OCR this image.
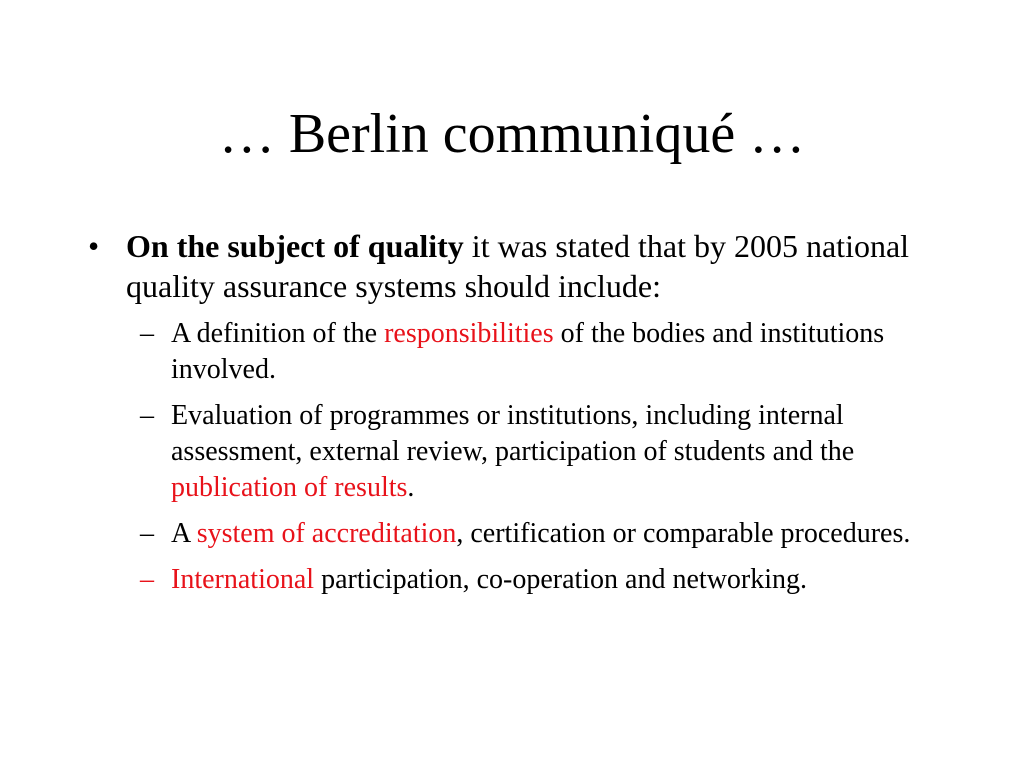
… Berlin communiqué …
• On the subject of quality it was stated that by 2005 national quality assurance systems should include:
– A definition of the responsibilities of the bodies and institutions involved.
– Evaluation of programmes or institutions, including internal assessment, external review, participation of students and the publication of results.
– A system of accreditation, certification or comparable procedures.
– International participation, co-operation and networking.
